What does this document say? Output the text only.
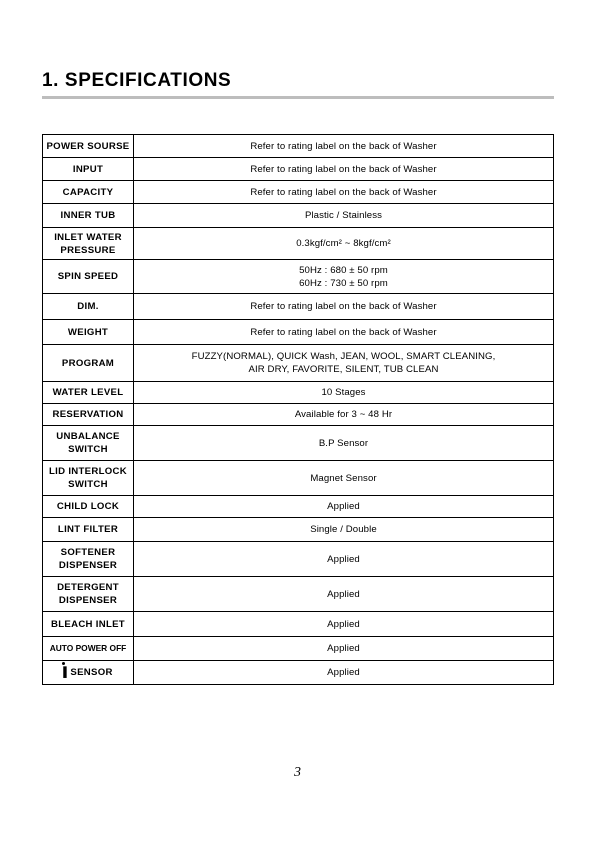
1. SPECIFICATIONS
POWER SOURSE	Refer to rating label on the back of Washer

INPUT	Refer to rating label on the back of Washer

CAPACITY	Refer to rating label on the back of Washer

INNER TUB	Plastic / Stainless

INLET WATER
PRESSURE	0.3kgf/cm² ~ 8kgf/cm²

SPIN SPEED	50Hz : 680 ± 50 rpm
60Hz : 730 ± 50 rpm

DIM.	Refer to rating label on the back of Washer

WEIGHT	Refer to rating label on the back of Washer

PROGRAM	FUZZY(NORMAL), QUICK Wash, JEAN, WOOL, SMART CLEANING,
AIR DRY, FAVORITE, SILENT, TUB CLEAN

WATER LEVEL	10 Stages

RESERVATION	Available for 3 ~ 48 Hr

UNBALANCE
SWITCH	B.P Sensor

LID INTERLOCK
SWITCH	Magnet Sensor

CHILD LOCK	Applied

LINT FILTER	Single / Double

SOFTENER
DISPENSER	Applied

DETERGENT
DISPENSER	Applied

BLEACH INLET	Applied

AUTO POWER OFF	Applied

▌
SENSOR	Applied
3
